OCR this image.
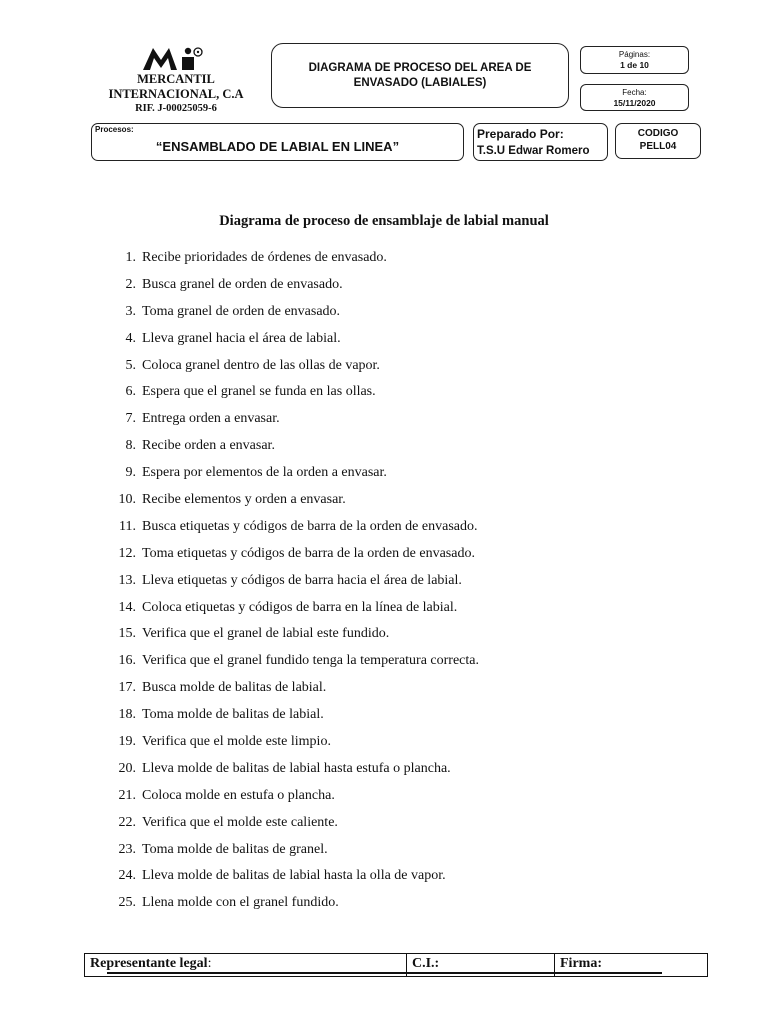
MERCANTIL
INTERNACIONAL, C.A
RIF. J-00025059-6
DIAGRAMA DE PROCESO DEL AREA DE
ENVASADO (LABIALES)
Páginas:
1 de 10
Fecha:
15/11/2020
Procesos:
“ENSAMBLADO DE LABIAL EN LINEA”
Preparado Por:
T.S.U Edwar Romero
CODIGO
PELL04
Diagrama de proceso de ensamblaje de labial manual
1. Recibe prioridades de órdenes de envasado.
2. Busca granel de orden de envasado.
3. Toma granel de orden de envasado.
4. Lleva granel hacia el área de labial.
5. Coloca granel dentro de las ollas de vapor.
6. Espera que el granel se funda en las ollas.
7. Entrega orden a envasar.
8. Recibe orden a envasar.
9. Espera por elementos de la orden a envasar.
10. Recibe elementos y orden a envasar.
11. Busca etiquetas y códigos de barra de la orden de envasado.
12. Toma etiquetas y códigos de barra de la orden de envasado.
13. Lleva etiquetas y códigos de barra hacia el área de labial.
14. Coloca etiquetas y códigos de barra en la línea de labial.
15. Verifica que el granel de labial este fundido.
16. Verifica que el granel fundido tenga la temperatura correcta.
17. Busca molde de balitas de labial.
18. Toma molde de balitas de labial.
19. Verifica que el molde este limpio.
20. Lleva molde de balitas de labial hasta estufa o plancha.
21. Coloca molde en estufa o plancha.
22. Verifica que el molde este caliente.
23. Toma molde de balitas de granel.
24. Lleva molde de balitas de labial hasta la olla de vapor.
25. Llena molde con el granel fundido.
Representante legal:	C.I.:	Firma:
